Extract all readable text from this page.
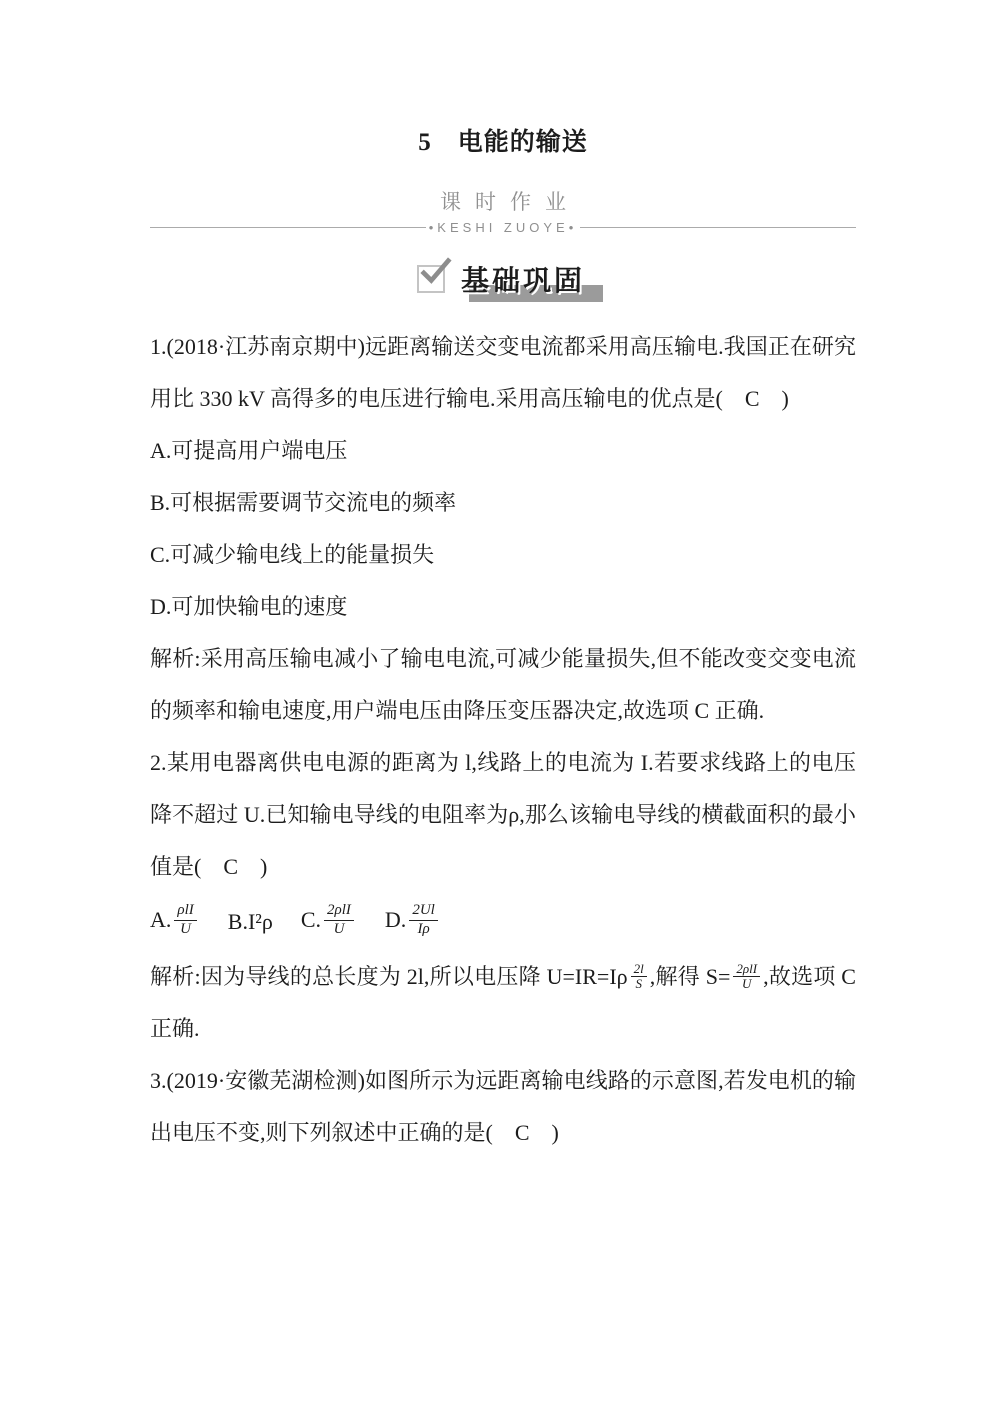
5　电能的输送
课时作业
•KESHI ZUOYE•
基础巩固

1.(2018·江苏南京期中)远距离输送交变电流都采用高压输电.我国正在研究用比 330 kV 高得多的电压进行输电.采用高压输电的优点是(　C　)

A.可提高用户端电压

B.可根据需要调节交流电的频率

C.可减少输电线上的能量损失

D.可加快输电的速度

解析:采用高压输电减小了输电电流,可减少能量损失,但不能改变交变电流的频率和输电速度,用户端电压由降压变压器决定,故选项 C 正确.

2.某用电器离供电电源的距离为 l,线路上的电流为 I.若要求线路上的电压降不超过 U.已知输电导线的电阻率为ρ,那么该输电导线的横截面积的最小值是(　C　)

A. $\frac{\text{ρlI}}{U} B.I^2\rho$ C. $\frac{\text{2ρlI}}{U} D$. $\frac{2Ul}{I\rho}$

解析:因为导线的总长度为 2l,所以电压降 $U=IR=I\rho \frac{2l}{S}$ ,解得 $S= \frac{\text{2ρlI}}{U}$ ,故选项 C 正确.

3.(2019·安徽芜湖检测)如图所示为远距离输电线路的示意图,若发电机的输出电压不变,则下列叙述中正确的是(　C　)
